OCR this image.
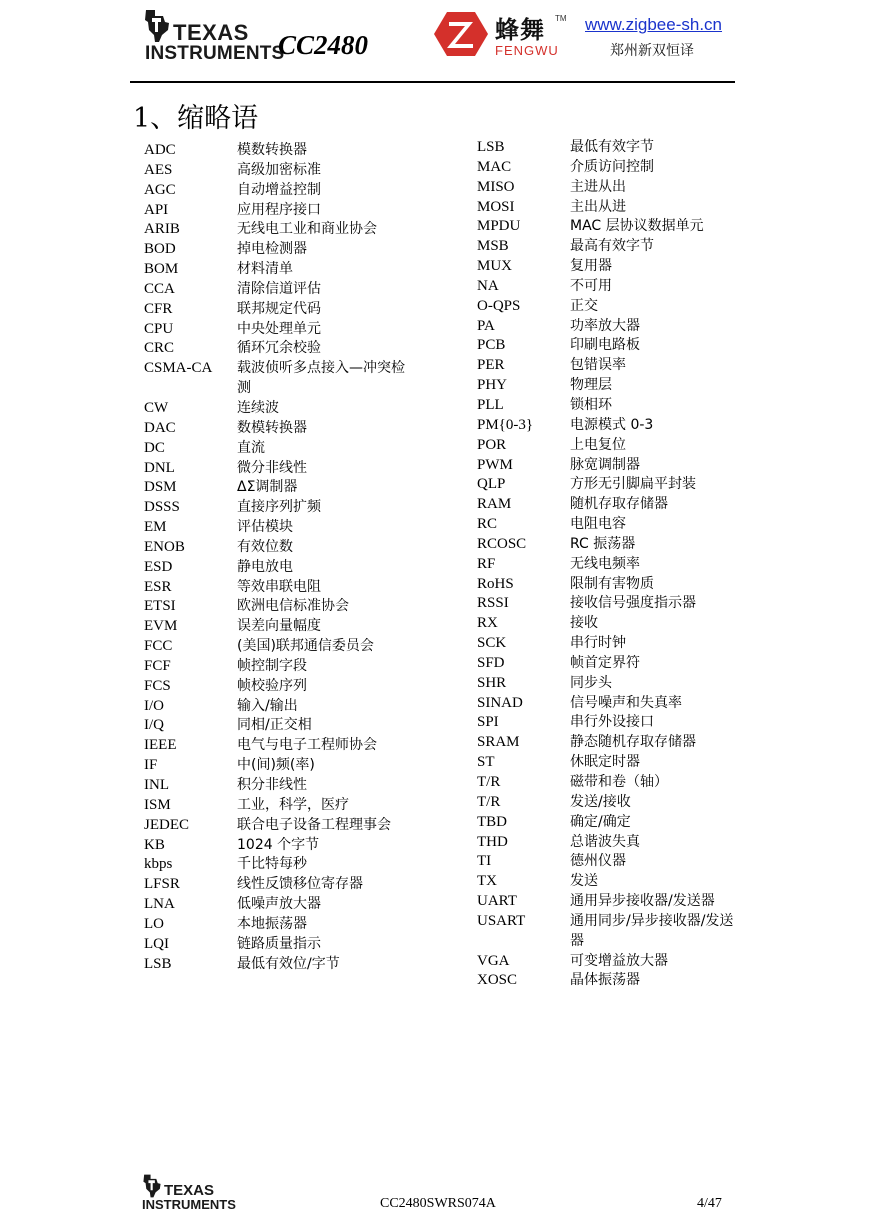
TEXAS
INSTRUMENTS
CC2480	蜂舞 TM
FENGWU
www.zigbee-sh.cn
郑州新双恒译
1、缩略语
ADC	模数转换器
AES	高级加密标准
AGC	自动增益控制
API	应用程序接口
ARIB	无线电工业和商业协会
BOD	掉电检测器
BOM	材料清单
CCA	清除信道评估
CFR	联邦规定代码
CPU	中央处理单元
CRC	循环冗余校验
CSMA-CA	载波侦听多点接入—冲突检测
CW	连续波
DAC	数模转换器
DC	直流
DNL	微分非线性
DSM	ΔΣ调制器
DSSS	直接序列扩频
EM	评估模块
ENOB	有效位数
ESD	静电放电
ESR	等效串联电阻
ETSI	欧洲电信标准协会
EVM	误差向量幅度
FCC	(美国)联邦通信委员会
FCF	帧控制字段
FCS	帧校验序列
I/O	输入/输出
I/Q	同相/正交相
IEEE	电气与电子工程师协会
IF	中(间)频(率)
INL	积分非线性
ISM	工业，科学，医疗
JEDEC	联合电子设备工程理事会
KB	1024 个字节
kbps	千比特每秒
LFSR	线性反馈移位寄存器
LNA	低噪声放大器
LO	本地振荡器
LQI	链路质量指示
LSB	最低有效位/字节
LSB	最低有效字节
MAC	介质访问控制
MISO	主进从出
MOSI	主出从进
MPDU	MAC 层协议数据单元
MSB	最高有效字节
MUX	复用器
NA	不可用
O-QPS	正交
PA	功率放大器
PCB	印刷电路板
PER	包错误率
PHY	物理层
PLL	锁相环
PM{0-3}	电源模式 0-3
POR	上电复位
PWM	脉宽调制器
QLP	方形无引脚扁平封装
RAM	随机存取存储器
RC	电阻电容
RCOSC	RC 振荡器
RF	无线电频率
RoHS	限制有害物质
RSSI	接收信号强度指示器
RX	接收
SCK	串行时钟
SFD	帧首定界符
SHR	同步头
SINAD	信号噪声和失真率
SPI	串行外设接口
SRAM	静态随机存取存储器
ST	休眠定时器
T/R	磁带和卷（轴）
T/R	发送/接收
TBD	确定/确定
THD	总谐波失真
TI	德州仪器
TX	发送
UART	通用异步接收器/发送器
USART	通用同步/异步接收器/发送器
VGA	可变增益放大器
XOSC	晶体振荡器
TEXAS
INSTRUMENTS	CC2480SWRS074A	4/47
